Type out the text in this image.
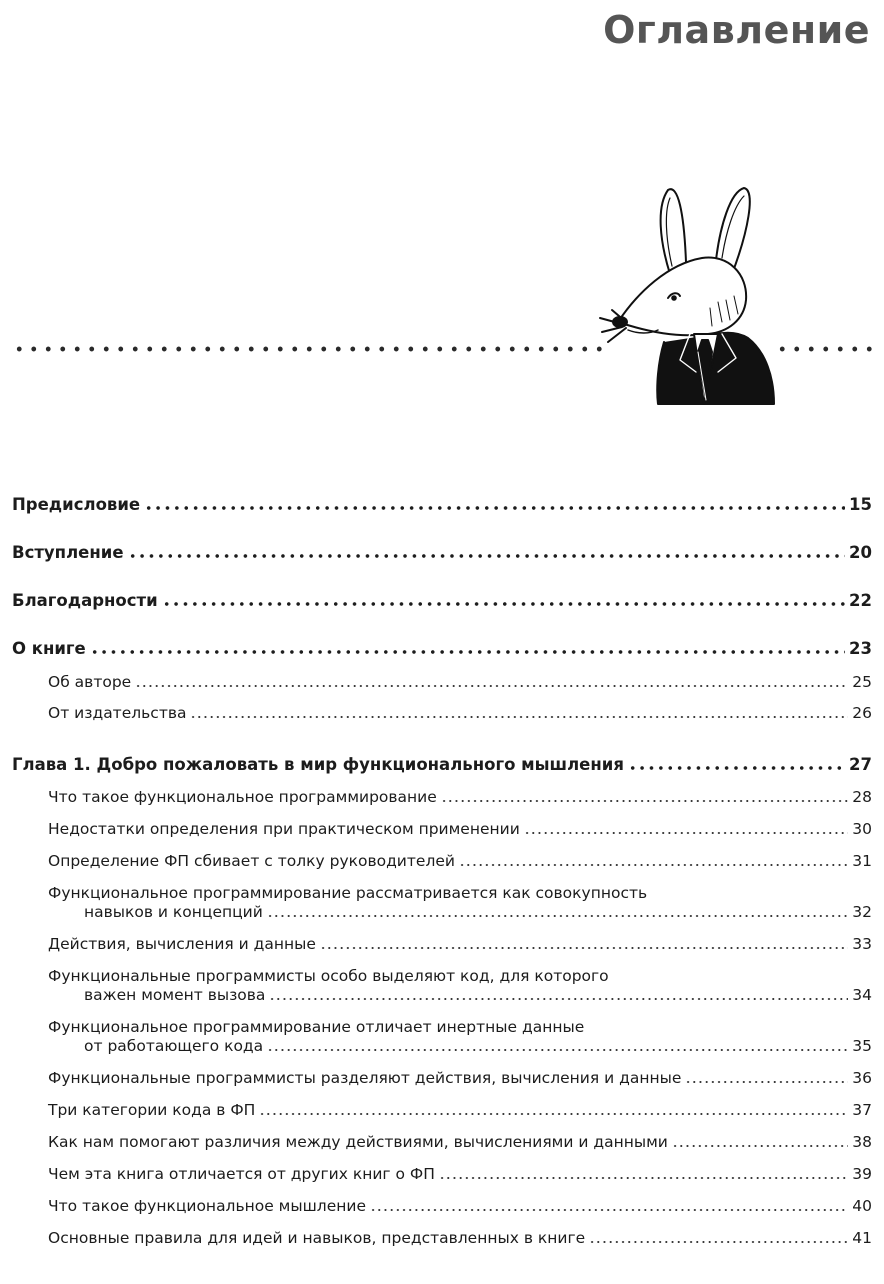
Оглавление
Предисловие	15
Вступление	20
Благодарности	22
О книге	23
Об авторе	25
От издательства	26
Глава 1. Добро пожаловать в мир функционального мышления	27
Что такое функциональное программирование	28
Недостатки определения при практическом применении	30
Определение ФП сбивает с толку руководителей	31
Функциональное программирование рассматривается как совокупность
навыков и концепций	32
Действия, вычисления и данные	33
Функциональные программисты особо выделяют код, для которого
важен момент вызова	34
Функциональное программирование отличает инертные данные
от работающего кода	35
Функциональные программисты разделяют действия, вычисления и данные	36
Три категории кода в ФП	37
Как нам помогают различия между действиями, вычислениями и данными	38
Чем эта книга отличается от других книг о ФП	39
Что такое функциональное мышление	40
Основные правила для идей и навыков, представленных в книге	41
